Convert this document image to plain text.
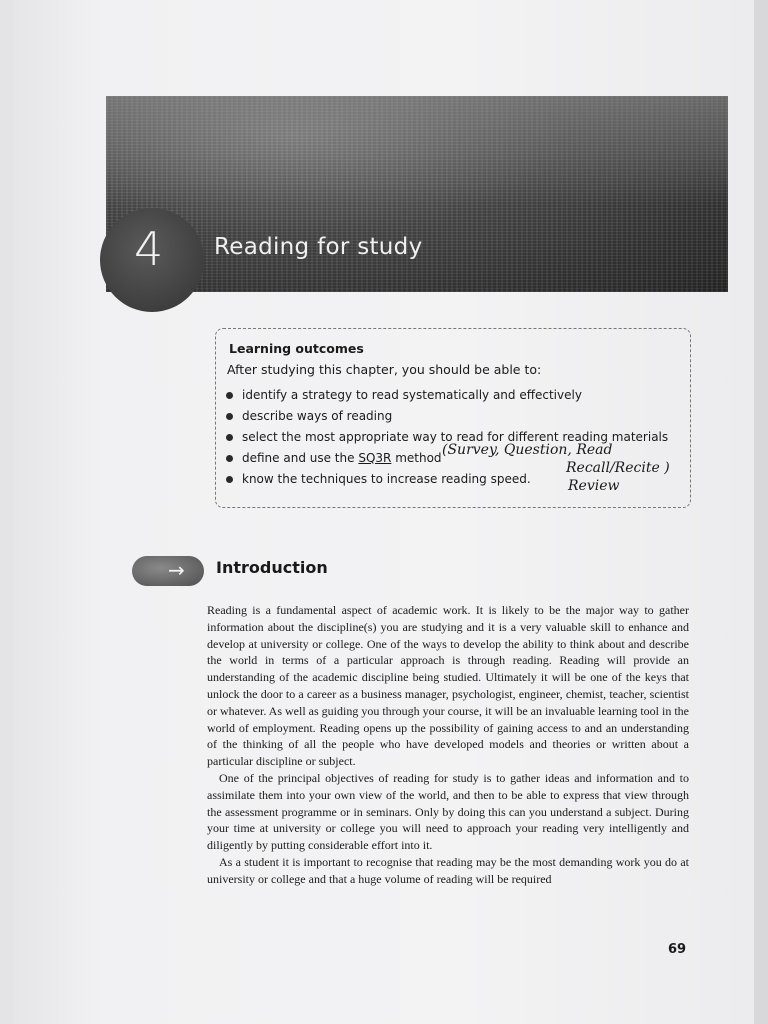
4 Reading for study
Learning outcomes
After studying this chapter, you should be able to:
identify a strategy to read systematically and effectively
describe ways of reading
select the most appropriate way to read for different reading materials
define and use the SQ3R method
know the techniques to increase reading speed.
(Survey, Question, Read
Recall/Recite )
Review
→ Introduction

Reading is a fundamental aspect of academic work. It is likely to be the major way to gather information about the discipline(s) you are studying and it is a very valuable skill to enhance and develop at university or college. One of the ways to develop the ability to think about and describe the world in terms of a particular approach is through reading. Reading will provide an understanding of the academic discipline being studied. Ultimately it will be one of the keys that unlock the door to a career as a business manager, psychologist, engineer, chemist, teacher, scientist or whatever. As well as guiding you through your course, it will be an invaluable learning tool in the world of employment. Reading opens up the possibility of gaining access to and an understanding of the thinking of all the people who have developed models and theories or written about a particular discipline or subject.

One of the principal objectives of reading for study is to gather ideas and information and to assimilate them into your own view of the world, and then to be able to express that view through the assessment programme or in seminars. Only by doing this can you understand a subject. During your time at university or college you will need to approach your reading very intelligently and diligently by putting considerable effort into it.

As a student it is important to recognise that reading may be the most demanding work you do at university or college and that a huge volume of reading will be required

69
